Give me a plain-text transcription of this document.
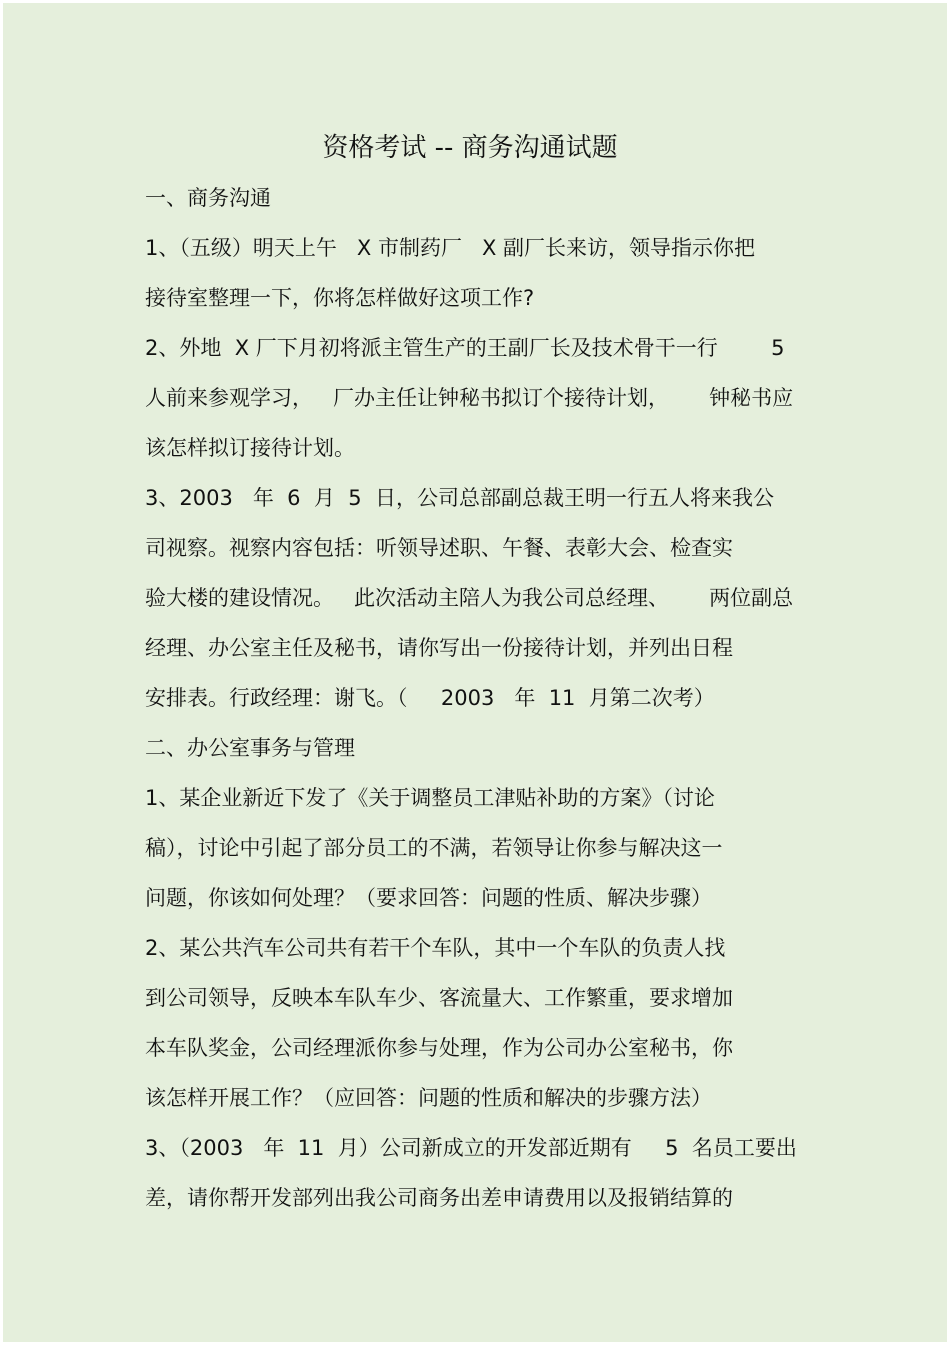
资格考试 -- 商务沟通试题
一、商务沟通
1、（五级）明天上午   X 市制药厂   X 副厂长来访，领导指示你把
接待室整理一下，你将怎样做好这项工作?
2、外地  X 厂下月初将派主管生产的王副厂长及技术骨干一行        5
人前来参观学习，   厂办主任让钟秘书拟订个接待计划，      钟秘书应
该怎样拟订接待计划。
3、2003   年  6  月  5  日，公司总部副总裁王明一行五人将来我公
司视察。视察内容包括：听领导述职、午餐、表彰大会、检查实
验大楼的建设情况。   此次活动主陪人为我公司总经理、      两位副总
经理、办公室主任及秘书，请你写出一份接待计划，并列出日程
安排表。行政经理：谢飞。（     2003   年  11  月第二次考）
二、办公室事务与管理
1、某企业新近下发了《关于调整员工津贴补助的方案》（讨论
稿），讨论中引起了部分员工的不满，若领导让你参与解决这一
问题，你该如何处理？（要求回答：问题的性质、解决步骤）
2、某公共汽车公司共有若干个车队，其中一个车队的负责人找
到公司领导，反映本车队车少、客流量大、工作繁重，要求增加
本车队奖金，公司经理派你参与处理，作为公司办公室秘书，你
该怎样开展工作？（应回答：问题的性质和解决的步骤方法）
3、（2003   年  11  月）公司新成立的开发部近期有     5  名员工要出
差，请你帮开发部列出我公司商务出差申请费用以及报销结算的
